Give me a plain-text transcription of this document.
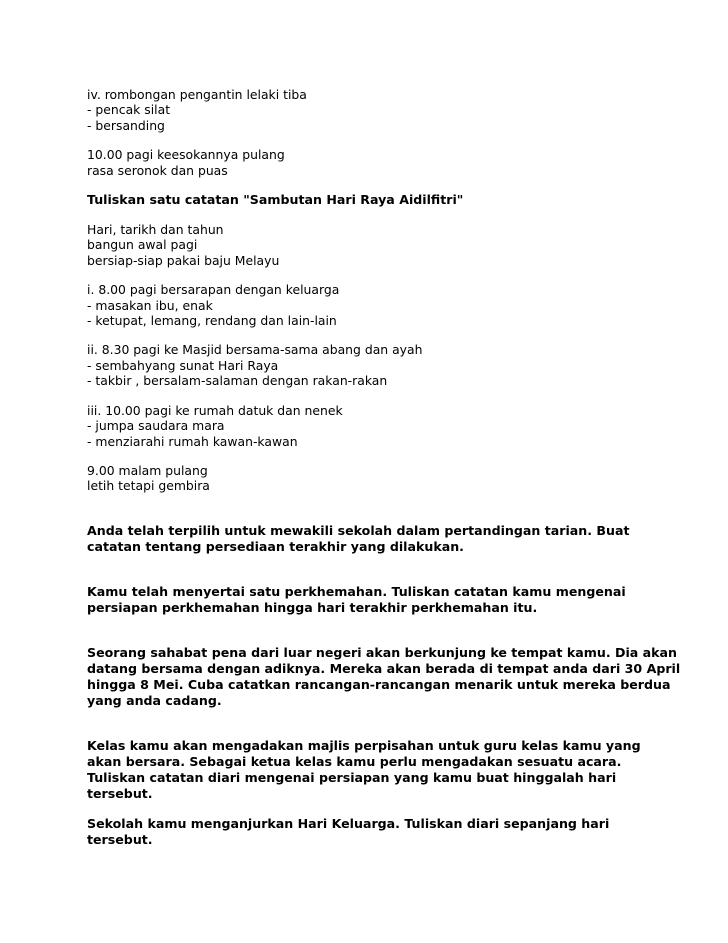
iv. rombongan pengantin lelaki tiba
- pencak silat
- bersanding
10.00 pagi keesokannya pulang
rasa seronok dan puas
Tuliskan satu catatan "Sambutan Hari Raya Aidilfitri"
Hari, tarikh dan tahun
bangun awal pagi
bersiap-siap pakai baju Melayu
i. 8.00 pagi bersarapan dengan keluarga
- masakan ibu, enak
- ketupat, lemang, rendang dan lain-lain
ii. 8.30 pagi ke Masjid bersama-sama abang dan ayah
- sembahyang sunat Hari Raya
- takbir , bersalam-salaman dengan rakan-rakan
iii. 10.00 pagi ke rumah datuk dan nenek
- jumpa saudara mara
- menziarahi rumah kawan-kawan
9.00 malam pulang
letih tetapi gembira
Anda telah terpilih untuk mewakili sekolah dalam pertandingan tarian. Buat
catatan tentang persediaan terakhir yang dilakukan.
Kamu telah menyertai satu perkhemahan. Tuliskan catatan kamu mengenai
persiapan perkhemahan hingga hari terakhir perkhemahan itu.
Seorang sahabat pena dari luar negeri akan berkunjung ke tempat kamu. Dia akan
datang bersama dengan adiknya. Mereka akan berada di tempat anda dari 30 April
hingga 8 Mei. Cuba catatkan rancangan-rancangan menarik untuk mereka berdua
yang anda cadang.
Kelas kamu akan mengadakan majlis perpisahan untuk guru kelas kamu yang
akan bersara. Sebagai ketua kelas kamu perlu mengadakan sesuatu acara.
Tuliskan catatan diari mengenai persiapan yang kamu buat hinggalah hari
tersebut.
Sekolah kamu menganjurkan Hari Keluarga. Tuliskan diari sepanjang hari
tersebut.
